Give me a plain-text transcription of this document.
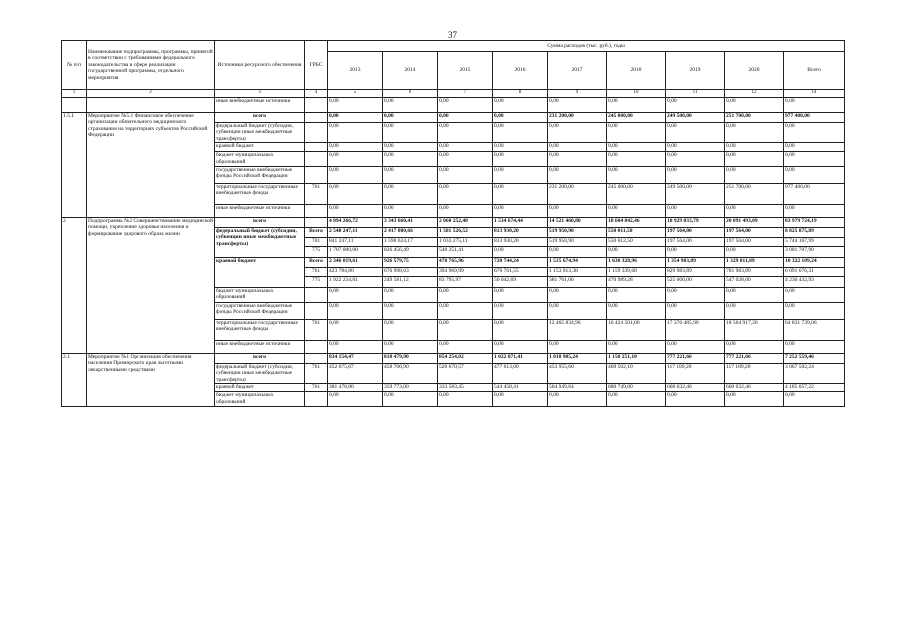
37
№ п/п	Наименование подпрограммы, программы, принятой в соответствии с требованиями федерального законодательства в сфере реализации государственной программы, отдельного мероприятия	Источники ресурсного обеспечения	ГРБС	Сумма расходов (тыс. руб.), годы								
				2013	2014	2015	2016	2017	2018	2019	2020	Всего
1	2	3	4	5	6	7	8	9	10	11	12	14
		иные внебюджетные источники		0,00	0,00	0,00	0,00	0,00	0,00	0,00	0,00	0,00
1.5.1	Мероприятие №5.1 Финансовое обеспечение организации обязательного медицинского страхования на территориях субъектов Российской Федерации	всего		0,00	0,00	0,00	0,00	231 200,00	245 000,00	249 500,00	251 700,00	977 400,00
		федеральный бюджет (субсидии, субвенции иные межбюджетные трансферты)		0,00	0,00	0,00	0,00	0,00	0,00	0,00	0,00	0,00
		краевой бюджет		0,00	0,00	0,00	0,00	0,00	0,00	0,00	0,00	0,00
		бюджет муниципальных образований		0,00	0,00	0,00	0,00	0,00	0,00	0,00	0,00	0,00
		государственные внебюджетные фонды Российской Федерации		0,00	0,00	0,00	0,00	0,00	0,00	0,00	0,00	0,00
		территориальные государственные внебюджетные фонды	761	0,00	0,00	0,00	0,00	231 200,00	245 000,00	249 500,00	251 700,00	977 400,00
		иные внебюджетные источники		0,00	0,00	0,00	0,00	0,00	0,00	0,00	0,00	0,00
2	Подпрограмма №2 Совершенствование медицинской помощи, укрепление здоровья населения и формирование здорового образа жизни	всего		4 894 266,72	3 343 660,41	2 060 252,48	1 534 674,44	14 521 460,80	18 604 842,46	18 929 033,79	20 091 493,09	83 979 724,19
		федеральный бюджет (субсидии, субвенции иные межбюджетные трансферты)	Всего	2 548 247,11	2 417 080,66	1 581 526,52	813 930,20	519 950,90	550 011,50	197 564,00	197 564,00	8 825 875,89
			761	841 247,11	1 590 624,17	1 033 275,11	813 930,20	519 950,90	550 012,50	197 564,00	197 564,00	5 744 167,99
			775	1 707 000,00	826 456,49	548 251,41	0,00	0,00	0,00	0,00	0,00	3 081 707,90
		краевой бюджет	Всего	2 346 019,61	926 579,75	478 765,96	720 744,24	1 535 674,94	1 630 328,96	1 354 983,89	1 329 011,89	10 322 109,24
			761	423 784,80	676 998,63	394 969,99	670 701,55	1 153 913,38	1 159 339,68	829 983,89	781 983,89	6 091 676,31
			775	1 922 234,81	249 581,12	83 795,97	50 042,69	381 761,06	470 989,28	525 000,00	547 028,00	4 230 432,93
		бюджет муниципальных образований		0,00	0,00	0,00	0,00	0,00	0,00	0,00	0,00	0,00
		государственные внебюджетные фонды Российской Федерации		0,00	0,00	0,00	0,00	0,00	0,00	0,00	0,00	0,00
		территориальные государственные внебюджетные фонды	761	0,00	0,00	0,00	0,00	12 465 834,96	16 424 501,00	17 376 485,90	18 564 917,20	64 831 739,06
		иные внебюджетные источники		0,00	0,00	0,00	0,00	0,00	0,00	0,00	0,00	0,00
2.1	Мероприятие №1 Организация обеспечения населения Приморского края льготными лекарственными средствами	всего		834 154,47	818 479,90	854 254,02	1 022 071,41	1 018 905,24	1 150 251,10	777 221,66	777 221,66	7 252 559,46
		федеральный бюджет (субсидии, субвенции иные межбюджетные трансферты)	761	452 675,67	458 706,90	520 670,57	477 613,00	453 955,60	469 502,10	117 189,20	117 189,20	3 067 502,24
		краевой бюджет	761	381 478,80	359 773,00	333 583,45	544 458,41	564 949,64	680 749,00	660 032,46	660 032,46	4 185 057,22
		бюджет муниципальных образований		0,00	0,00	0,00	0,00	0,00	0,00	0,00	0,00	0,00
